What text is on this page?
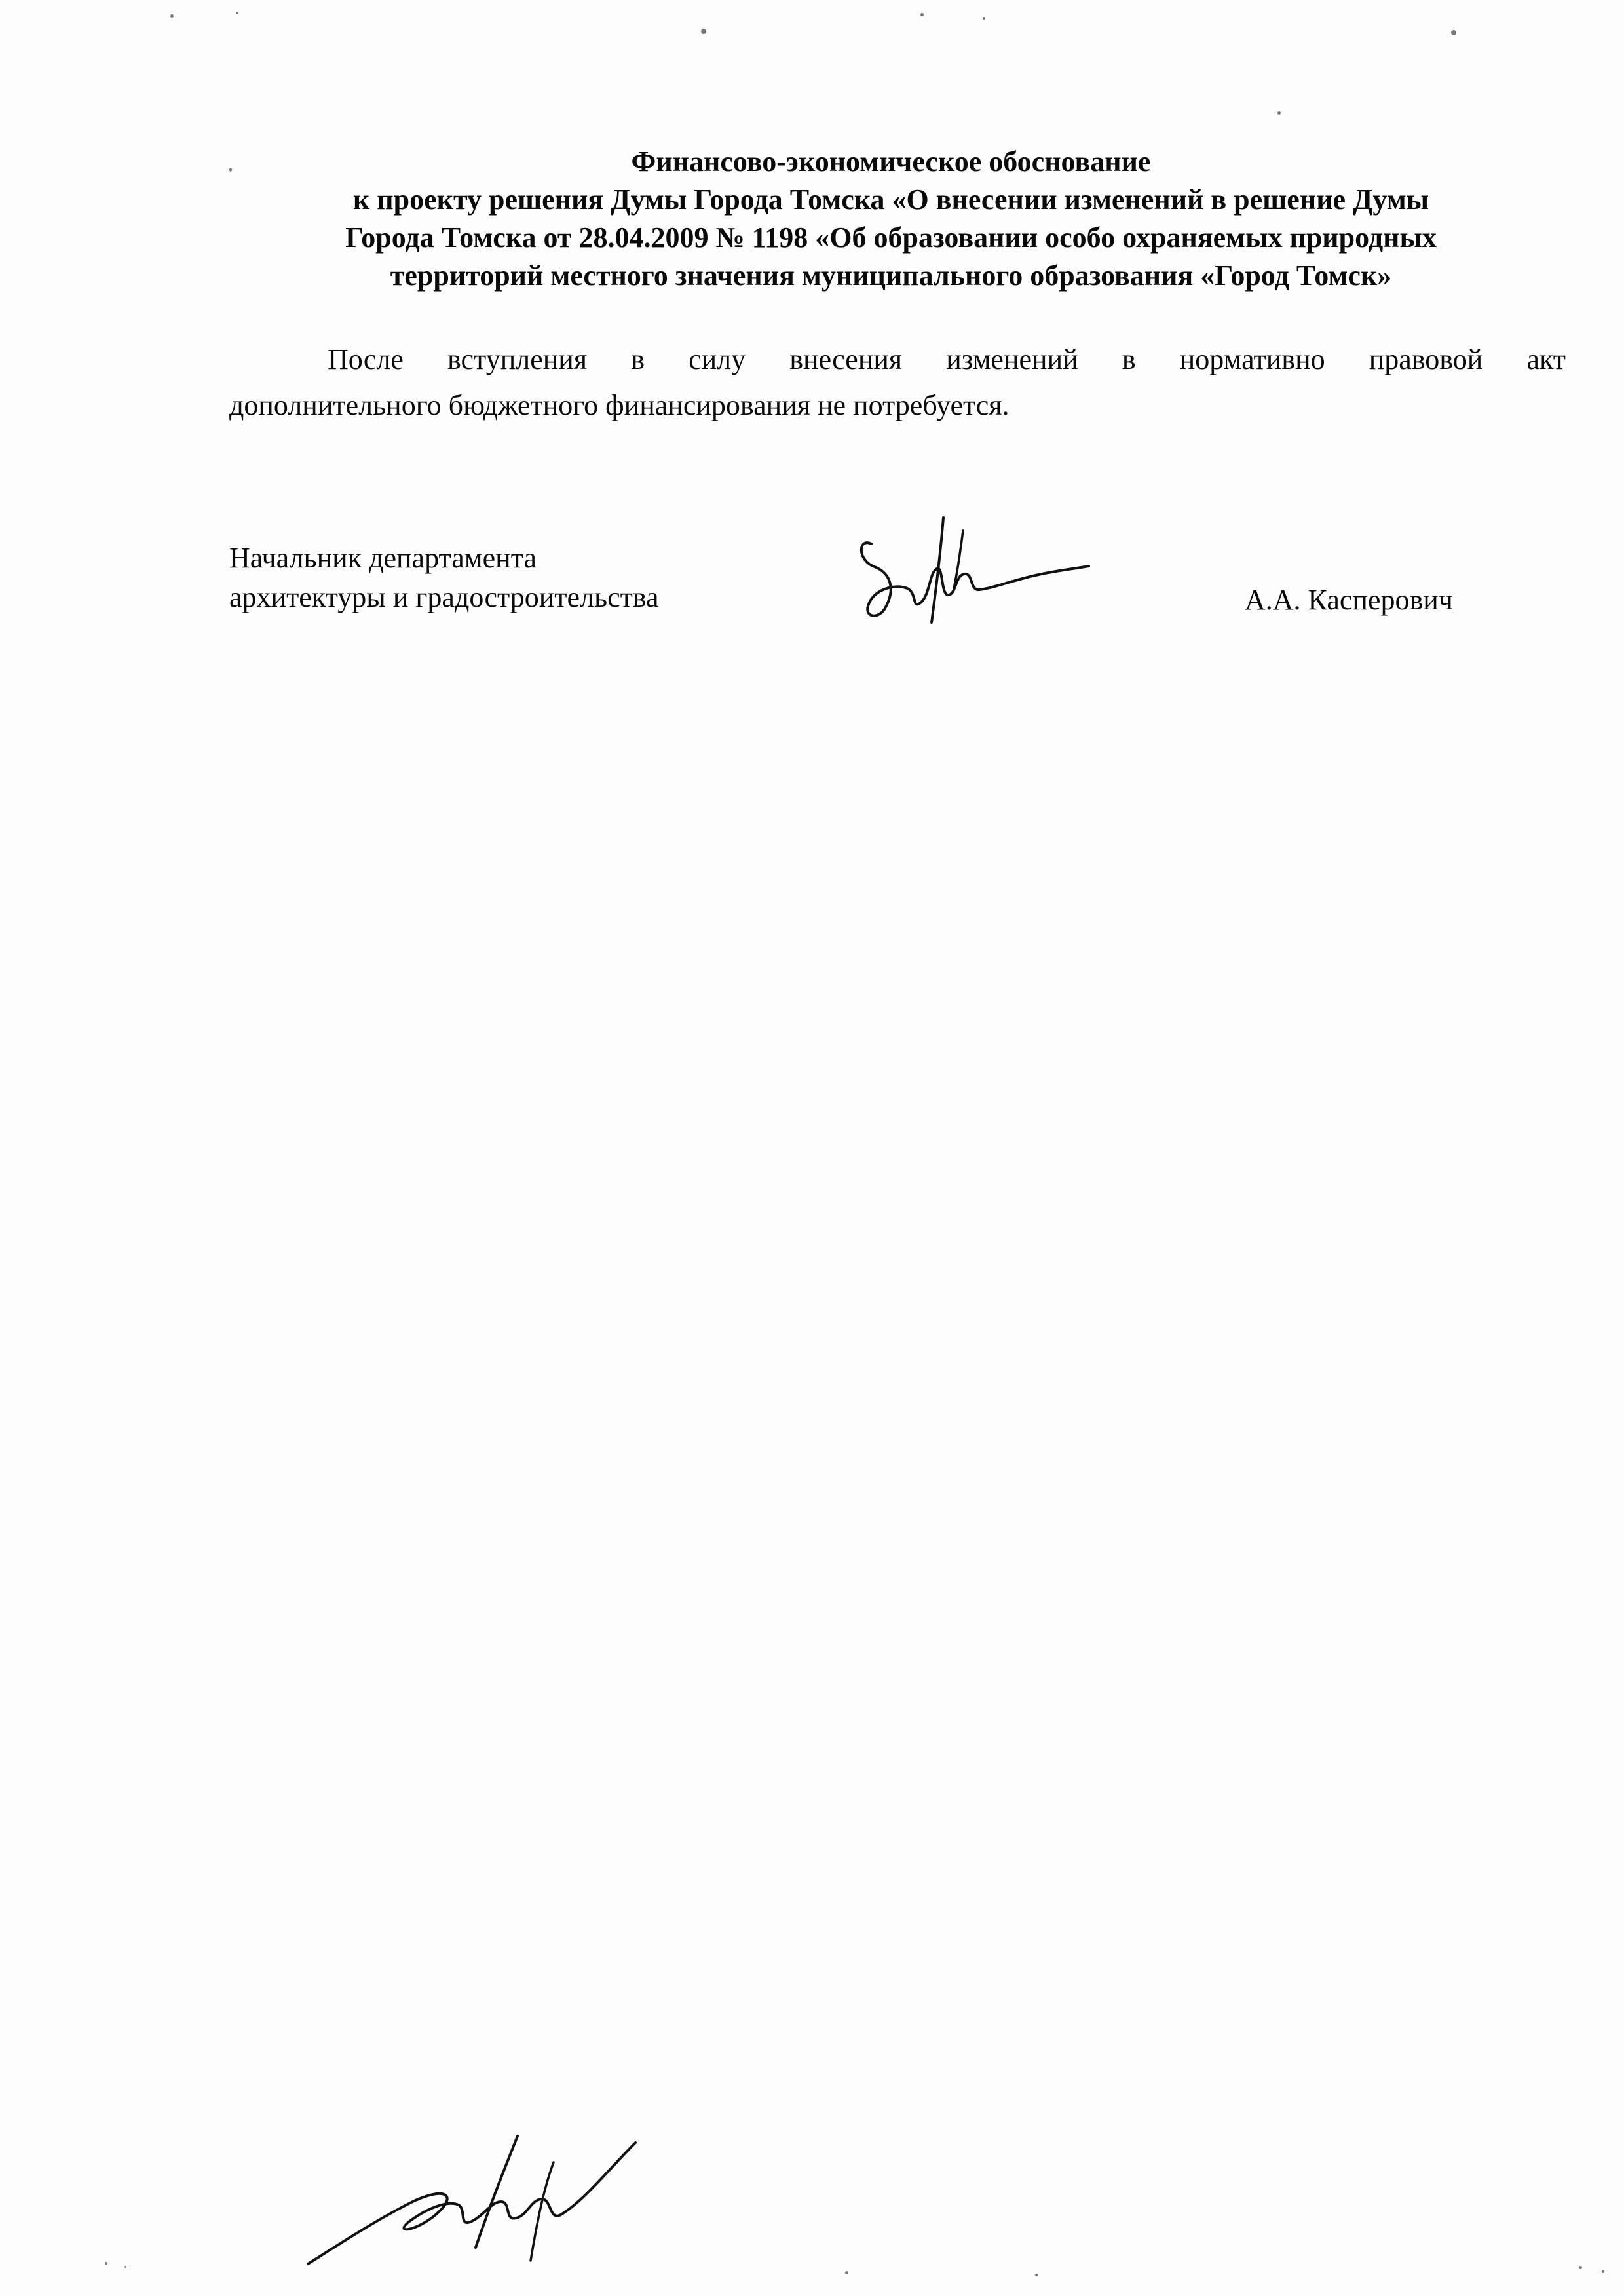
Финансово-экономическое обоснование
к проекту решения Думы Города Томска «О внесении изменений в решение Думы
Города Томска от 28.04.2009 № 1198 «Об образовании особо охраняемых природных
территорий местного значения муниципального образования «Город Томск»
После вступления в силу внесения изменений в нормативно правовой акт
дополнительного бюджетного финансирования не потребуется.
Начальник департамента
архитектуры и градостроительства	А.А. Касперович
